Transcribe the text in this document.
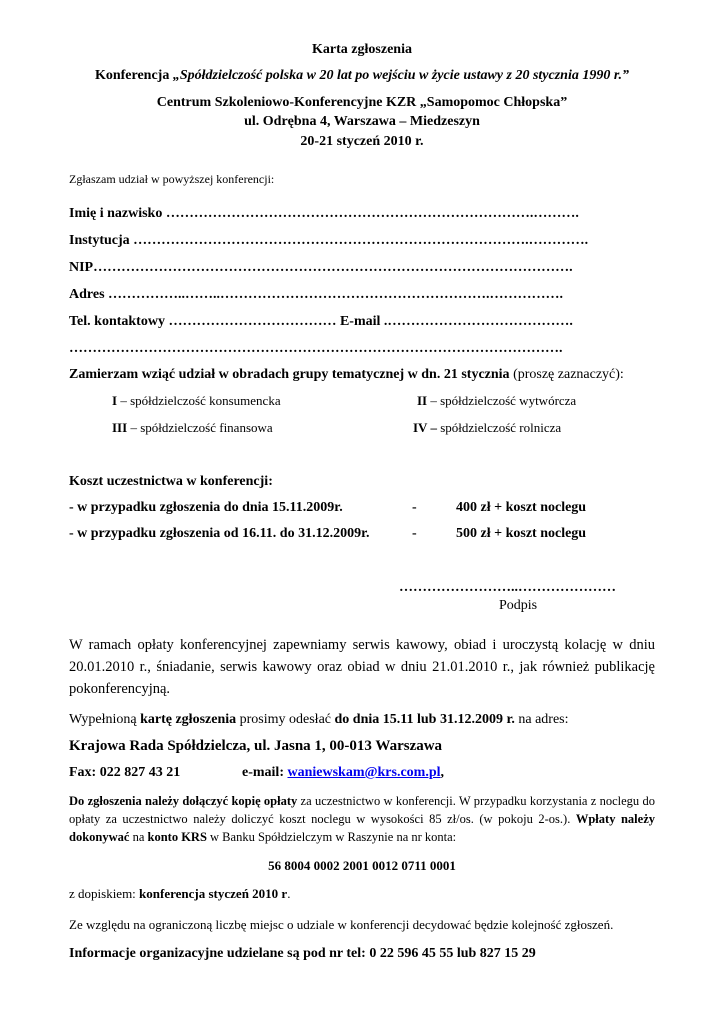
Karta zgłoszenia
Konferencja „Spółdzielczość polska w 20 lat po wejściu w życie ustawy z 20 stycznia 1990 r.”
Centrum Szkoleniowo-Konferencyjne KZR „Samopomoc Chłopska”
ul. Odrębna 4, Warszawa – Miedzeszyn
20-21 styczeń 2010 r.
Zgłaszam udział w powyższej konferencji:
Imię i nazwisko …………………………………………………………………….……….
Instytucja ………………………………………………………………………….………….
NIP………………………………………………………………………………………….
Adres ……………..……..………………………………………………….…………….
Tel. kontaktowy ……………………………… E-mail .………………………………….
…………………………………………………………………………………………….
Zamierzam wziąć udział w obradach grupy tematycznej w dn. 21 stycznia (proszę zaznaczyć):
I – spółdzielczość konsumencka	II – spółdzielczość wytwórcza
III – spółdzielczość finansowa	IV – spółdzielczość rolnicza
Koszt uczestnictwa w konferencji:
- w przypadku zgłoszenia do dnia 15.11.2009r.	-	400 zł + koszt noclegu
- w przypadku zgłoszenia od 16.11. do 31.12.2009r.	-	500 zł + koszt noclegu
……………………..…………………
Podpis
W ramach opłaty konferencyjnej zapewniamy serwis kawowy, obiad i uroczystą kolację w dniu 20.01.2010 r., śniadanie, serwis kawowy oraz obiad w dniu 21.01.2010 r., jak również publikację pokonferencyjną.
Wypełnioną kartę zgłoszenia prosimy odesłać do dnia 15.11 lub 31.12.2009 r. na adres:
Krajowa Rada Spółdzielcza, ul. Jasna 1, 00-013 Warszawa
Fax: 022 827 43 21	e-mail: waniewskam@krs.com.pl,
Do zgłoszenia należy dołączyć kopię opłaty za uczestnictwo w konferencji. W przypadku korzystania z noclegu do opłaty za uczestnictwo należy doliczyć koszt noclegu w wysokości 85 zł/os. (w pokoju 2-os.). Wpłaty należy dokonywać na konto KRS w Banku Spółdzielczym w Raszynie na nr konta:
56 8004 0002 2001 0012 0711 0001
z dopiskiem: konferencja styczeń 2010 r.
Ze względu na ograniczoną liczbę miejsc o udziale w konferencji decydować będzie kolejność zgłoszeń.
Informacje organizacyjne udzielane są pod nr tel: 0 22 596 45 55 lub 827 15 29
